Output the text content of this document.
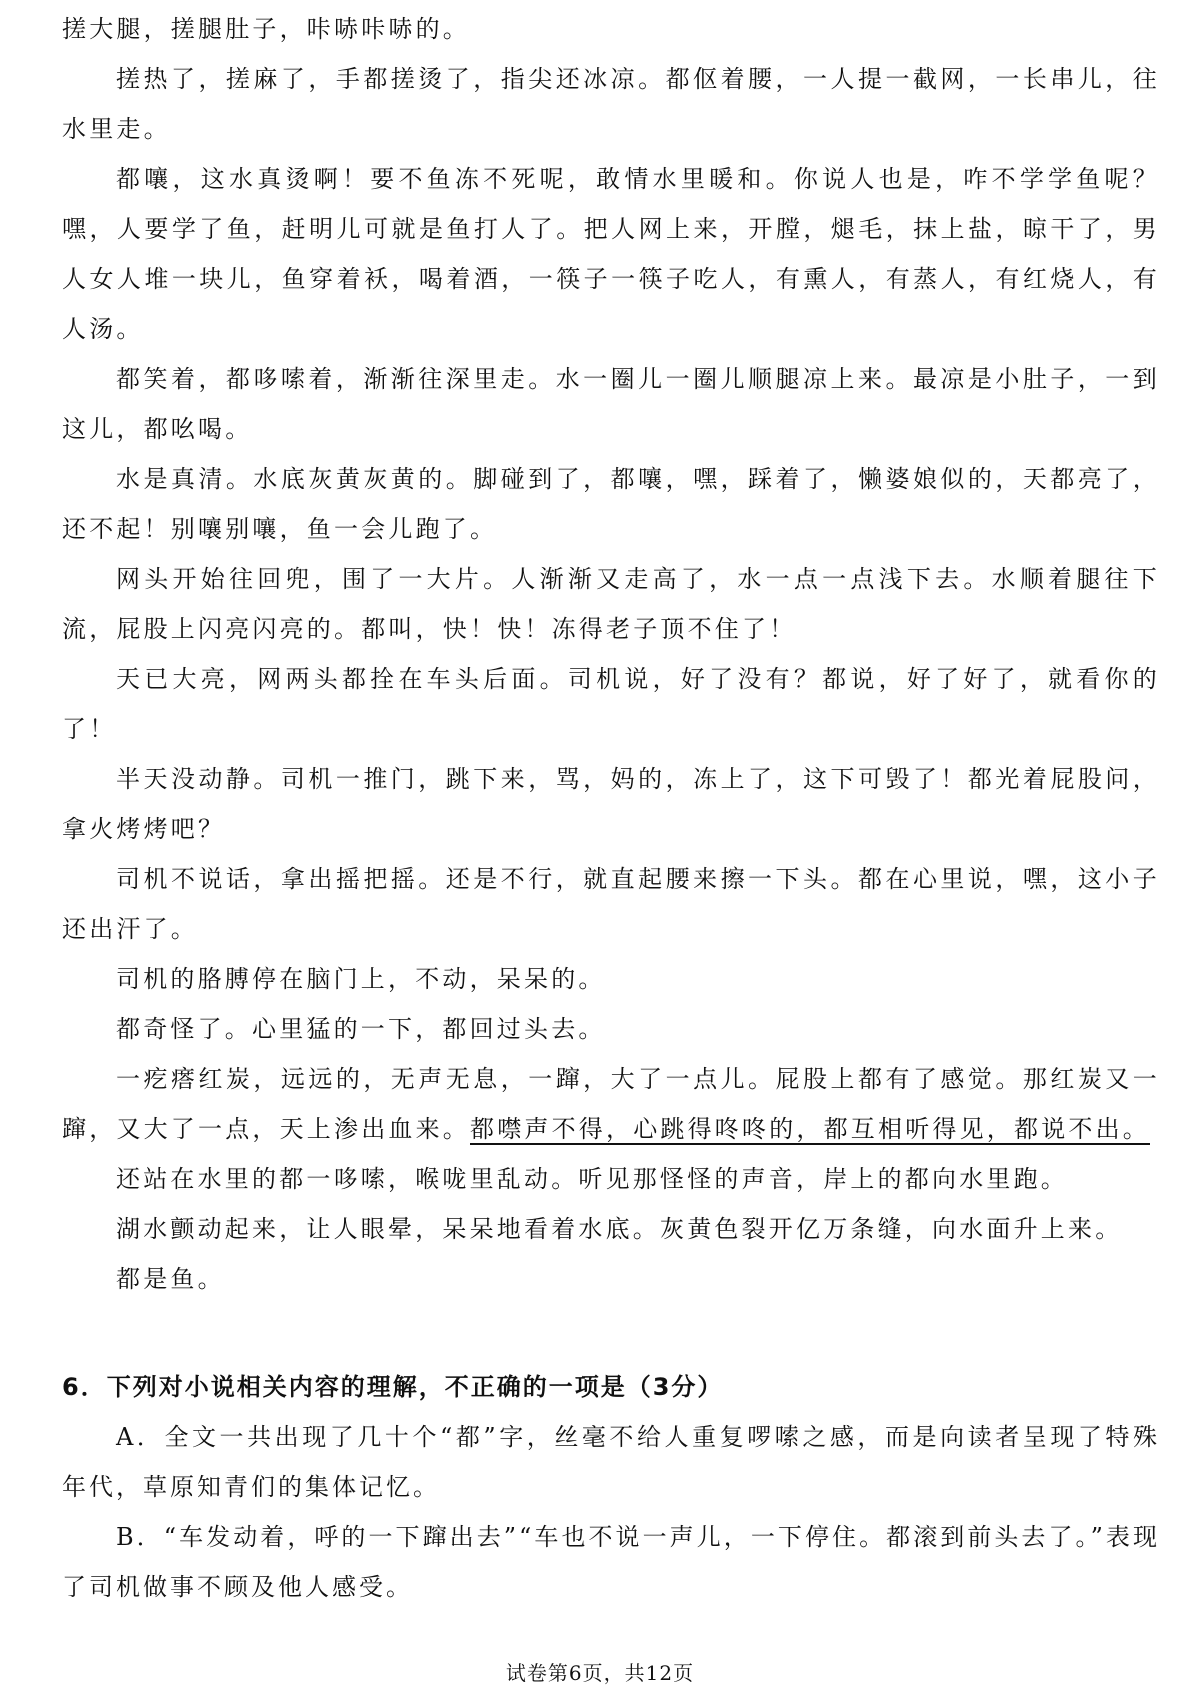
搓大腿，搓腿肚子，咔哧咔哧的。

搓热了，搓麻了，手都搓烫了，指尖还冰凉。都伛着腰，一人提一截网，一长串儿，往水里走。

都嚷，这水真烫啊！要不鱼冻不死呢，敢情水里暖和。你说人也是，咋不学学鱼呢？嘿，人要学了鱼，赶明儿可就是鱼打人了。把人网上来，开膛，煺毛，抹上盐，晾干了，男人女人堆一块儿，鱼穿着袄，喝着酒，一筷子一筷子吃人，有熏人，有蒸人，有红烧人，有人汤。

都笑着，都哆嗦着，渐渐往深里走。水一圈儿一圈儿顺腿凉上来。最凉是小肚子，一到这儿，都吆喝。

水是真清。水底灰黄灰黄的。脚碰到了，都嚷，嘿，踩着了，懒婆娘似的，天都亮了，还不起！别嚷别嚷，鱼一会儿跑了。

网头开始往回兜，围了一大片。人渐渐又走高了，水一点一点浅下去。水顺着腿往下流，屁股上闪亮闪亮的。都叫，快！快！冻得老子顶不住了！

天已大亮，网两头都拴在车头后面。司机说，好了没有？都说，好了好了，就看你的了！

半天没动静。司机一推门，跳下来，骂，妈的，冻上了，这下可毁了！都光着屁股问，拿火烤烤吧？

司机不说话，拿出摇把摇。还是不行，就直起腰来擦一下头。都在心里说，嘿，这小子还出汗了。

司机的胳膊停在脑门上，不动，呆呆的。

都奇怪了。心里猛的一下，都回过头去。

一疙瘩红炭，远远的，无声无息，一蹿，大了一点儿。屁股上都有了感觉。那红炭又一蹿，又大了一点，天上渗出血来。都噤声不得，心跳得咚咚的，都互相听得见，都说不出。

还站在水里的都一哆嗦，喉咙里乱动。听见那怪怪的声音，岸上的都向水里跑。

湖水颤动起来，让人眼晕，呆呆地看着水底。灰黄色裂开亿万条缝，向水面升上来。

都是鱼。

6．下列对小说相关内容的理解，不正确的一项是（3分）

A．全文一共出现了几十个“都”字，丝毫不给人重复啰嗦之感，而是向读者呈现了特殊年代，草原知青们的集体记忆。

B．“车发动着，呼的一下蹿出去”“车也不说一声儿，一下停住。都滚到前头去了。”表现了司机做事不顾及他人感受。

试卷第6页，共12页
